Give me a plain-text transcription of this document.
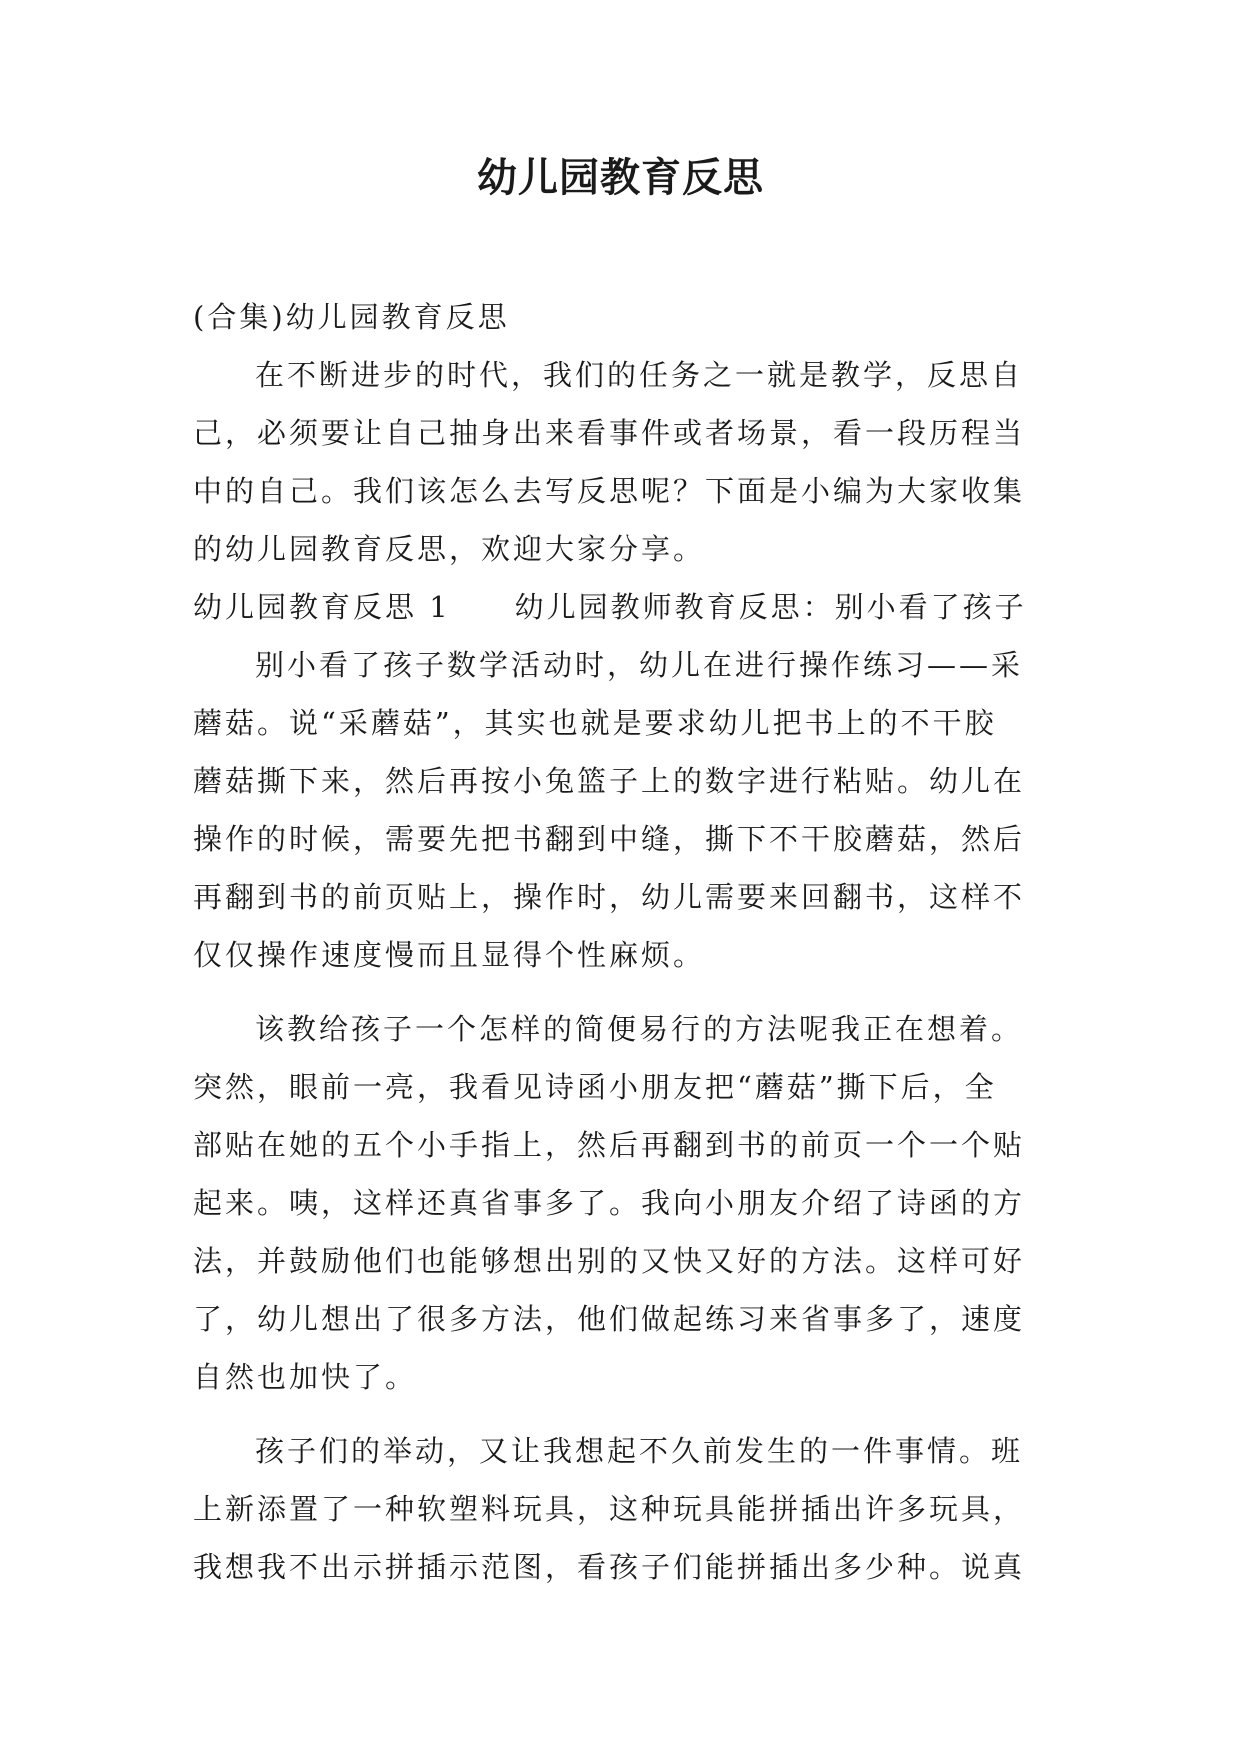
幼儿园教育反思
(合集)幼儿园教育反思
在不断进步的时代，我们的任务之一就是教学，反思自
己，必须要让自己抽身出来看事件或者场景，看一段历程当
中的自己。我们该怎么去写反思呢？下面是小编为大家收集
的幼儿园教育反思，欢迎大家分享。
幼儿园教育反思 1 幼儿园教师教育反思：别小看了孩子
别小看了孩子数学活动时，幼儿在进行操作练习——采
蘑菇。说“采蘑菇”，其实也就是要求幼儿把书上的不干胶
蘑菇撕下来，然后再按小兔篮子上的数字进行粘贴。幼儿在
操作的时候，需要先把书翻到中缝，撕下不干胶蘑菇，然后
再翻到书的前页贴上，操作时，幼儿需要来回翻书，这样不
仅仅操作速度慢而且显得个性麻烦。
该教给孩子一个怎样的简便易行的方法呢我正在想着。
突然，眼前一亮，我看见诗函小朋友把“蘑菇”撕下后，全
部贴在她的五个小手指上，然后再翻到书的前页一个一个贴
起来。咦，这样还真省事多了。我向小朋友介绍了诗函的方
法，并鼓励他们也能够想出别的又快又好的方法。这样可好
了，幼儿想出了很多方法，他们做起练习来省事多了，速度
自然也加快了。
孩子们的举动，又让我想起不久前发生的一件事情。班
上新添置了一种软塑料玩具，这种玩具能拼插出许多玩具，
我想我不出示拼插示范图，看孩子们能拼插出多少种。说真
